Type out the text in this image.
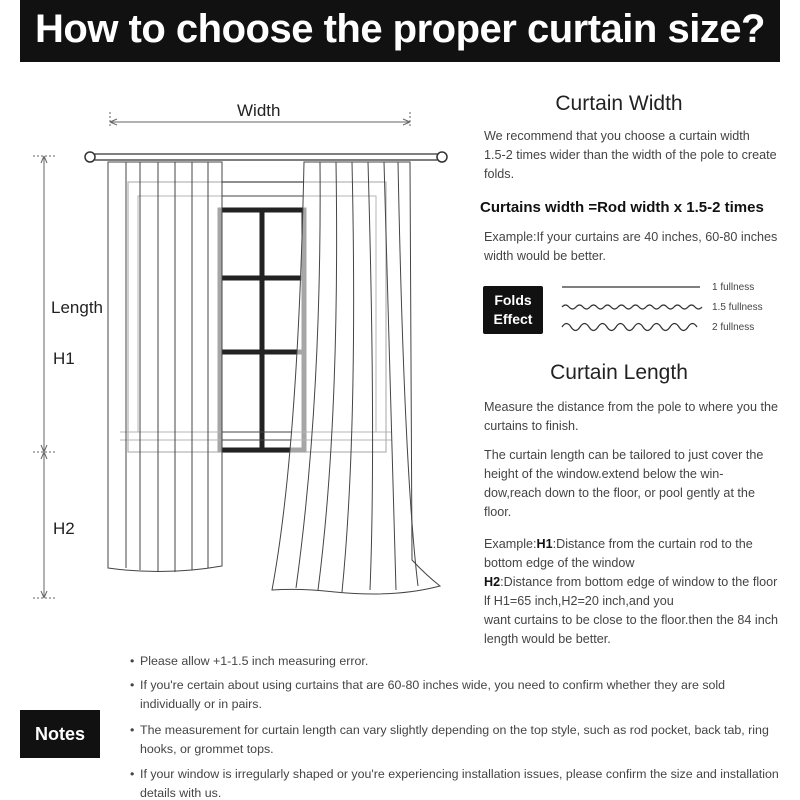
How to choose the proper curtain size?
Width
Length
H1
H2
Curtain Width
We recommend that you choose a curtain width
1.5-2 times wider than the width of the pole to create
folds.
Curtains width =Rod width x 1.5-2 times
Example:If your curtains are 40 inches, 60-80 inches
width would be better.
Folds
Effect
1 fullness
1.5 fullness
2 fullness
Curtain Length
Measure the distance from the pole to where you the
curtains to finish.
The curtain length can be tailored to just cover the
height of the window.extend below the win-
dow,reach down to the floor, or pool gently at the
floor.
Example:H1:Distance from the curtain rod to the
bottom edge of the window
H2:Distance from bottom edge of window to the floor
lf H1=65 inch,H2=20 inch,and you
want curtains to be close to the floor.then the 84 inch
length would be better.
Notes
• Please allow +1-1.5 inch measuring error.
• If you're certain about using curtains that are 60-80 inches wide, you need to confirm whether they are sold
individually or in pairs.
• The measurement for curtain length can vary slightly depending on the top style, such as rod pocket, back tab, ring
hooks, or grommet tops.
• If your window is irregularly shaped or you're experiencing installation issues, please confirm the size and installation
details with us.
